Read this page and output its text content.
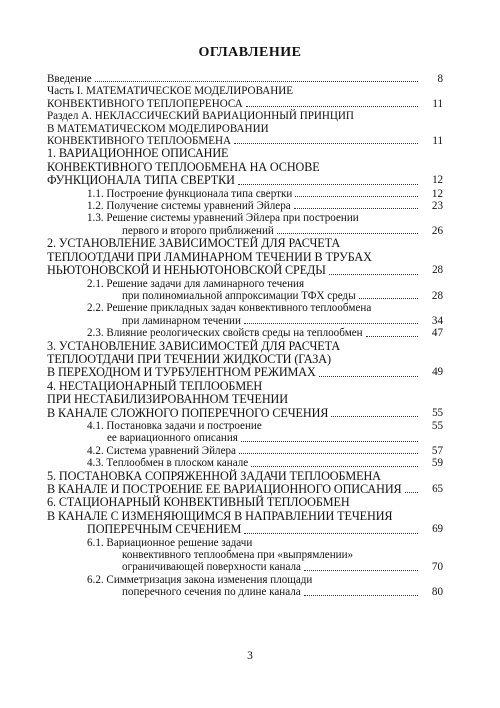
ОГЛАВЛЕНИЕ
Введение	8
Часть I. МАТЕМАТИЧЕСКОЕ МОДЕЛИРОВАНИЕ
КОНВЕКТИВНОГО ТЕПЛОПЕРЕНОСА	11
Раздел А. НЕКЛАССИЧЕСКИЙ ВАРИАЦИОННЫЙ ПРИНЦИП
В МАТЕМАТИЧЕСКОМ МОДЕЛИРОВАНИИ
КОНВЕКТИВНОГО ТЕПЛООБМЕНА	11
1. ВАРИАЦИОННОЕ ОПИСАНИЕ
КОНВЕКТИВНОГО ТЕПЛООБМЕНА НА ОСНОВЕ
ФУНКЦИОНАЛА ТИПА СВЕРТКИ	12
1.1. Построение функционала типа свертки	12
1.2. Получение системы уравнений Эйлера	23
1.3. Решение системы уравнений Эйлера при построении
первого и второго приближений	26
2. УСТАНОВЛЕНИЕ ЗАВИСИМОСТЕЙ ДЛЯ РАСЧЕТА
ТЕПЛООТДАЧИ ПРИ ЛАМИНАРНОМ ТЕЧЕНИИ В ТРУБАХ
НЬЮТОНОВСКОЙ И НЕНЬЮТОНОВСКОЙ СРЕДЫ	28
2.1. Решение задачи для ламинарного течения
при полиномиальной аппроксимации ТФХ среды	28
2.2. Решение прикладных задач конвективного теплообмена
при ламинарном течении	34
2.3. Влияние реологических свойств среды на теплообмен	47
3. УСТАНОВЛЕНИЕ ЗАВИСИМОСТЕЙ ДЛЯ РАСЧЕТА
ТЕПЛООТДАЧИ ПРИ ТЕЧЕНИИ ЖИДКОСТИ (ГАЗА)
В ПЕРЕХОДНОМ И ТУРБУЛЕНТНОМ РЕЖИМАХ	49
4. НЕСТАЦИОНАРНЫЙ ТЕПЛООБМЕН
ПРИ НЕСТАБИЛИЗИРОВАННОМ ТЕЧЕНИИ
В КАНАЛЕ СЛОЖНОГО ПОПЕРЕЧНОГО СЕЧЕНИЯ	55
4.1. Постановка задачи и построение	55
ее вариационного описания
4.2. Система уравнений Эйлера	57
4.3. Теплообмен в плоском канале	59
5. ПОСТАНОВКА СОПРЯЖЕННОЙ ЗАДАЧИ ТЕПЛООБМЕНА
В КАНАЛЕ И ПОСТРОЕНИЕ ЕЕ ВАРИАЦИОННОГО ОПИСАНИЯ	65
6. СТАЦИОНАРНЫЙ КОНВЕКТИВНЫЙ ТЕПЛООБМЕН
В КАНАЛЕ С ИЗМЕНЯЮЩИМСЯ В НАПРАВЛЕНИИ ТЕЧЕНИЯ
ПОПЕРЕЧНЫМ СЕЧЕНИЕМ	69
6.1. Вариационное решение задачи
конвективного теплообмена при «выпрямлении»
ограничивающей поверхности канала	70
6.2. Симметризация закона изменения площади
поперечного сечения по длине канала	80
3
